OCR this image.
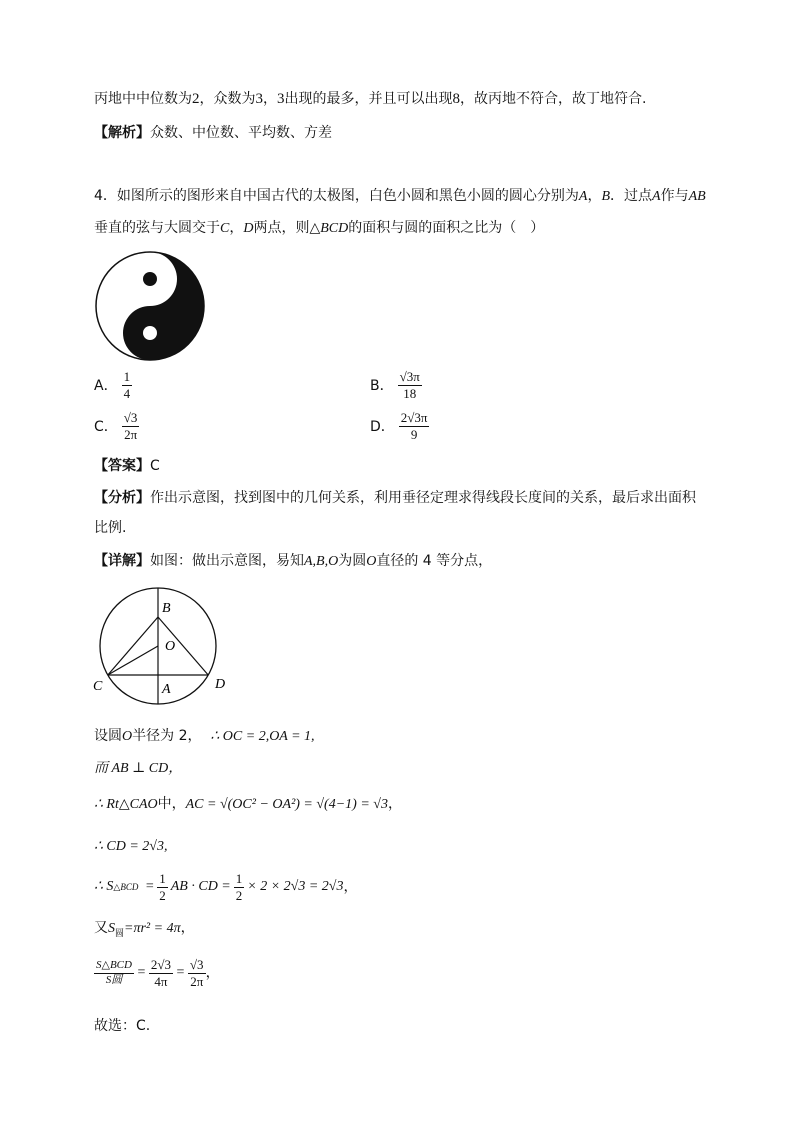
丙地中中位数为2，众数为3，3出现的最多，并且可以出现8，故丙地不符合，故丁地符合.
【解析】众数、中位数、平均数、方差
4．如图所示的图形来自中国古代的太极图，白色小圆和黑色小圆的圆心分别为A，B．过点A作与AB
垂直的弦与大圆交于C，D两点，则△BCD的面积与圆的面积之比为（　）
A． $\frac{1}{4}$	B． $\frac{√3\pi}{18}$
C． $\frac{√3}{2\pi}$	D． $\frac{2√3\pi}{9}$
【答案】C
【分析】作出示意图，找到图中的几何关系，利用垂径定理求得线段长度间的关系，最后求出面积
比例.
【详解】如图：做出示意图，易知A,B,O为圆O直径的 4 等分点，
B
O
C	A	D
设圆O半径为 2， ∴ OC = 2,OA = 1,
而 AB ⊥ CD，
∴ Rt△CAO中，AC = √(OC² − OA²) = √(4−1) = √3，
∴ CD = 2√3,
∴ S △BCD = $\frac{1}{2}$ AB · CD = $\frac{1}{2} \times 2 \times 2√3 = 2√3$ ，
又$S_圆=\pi r^2 = 4\pi$，
$\frac{\text{S△BCD}}{\text{S圆}} = \frac{2√3}{4\pi} = \frac{√3}{2\pi}$ ，
故选：C.
